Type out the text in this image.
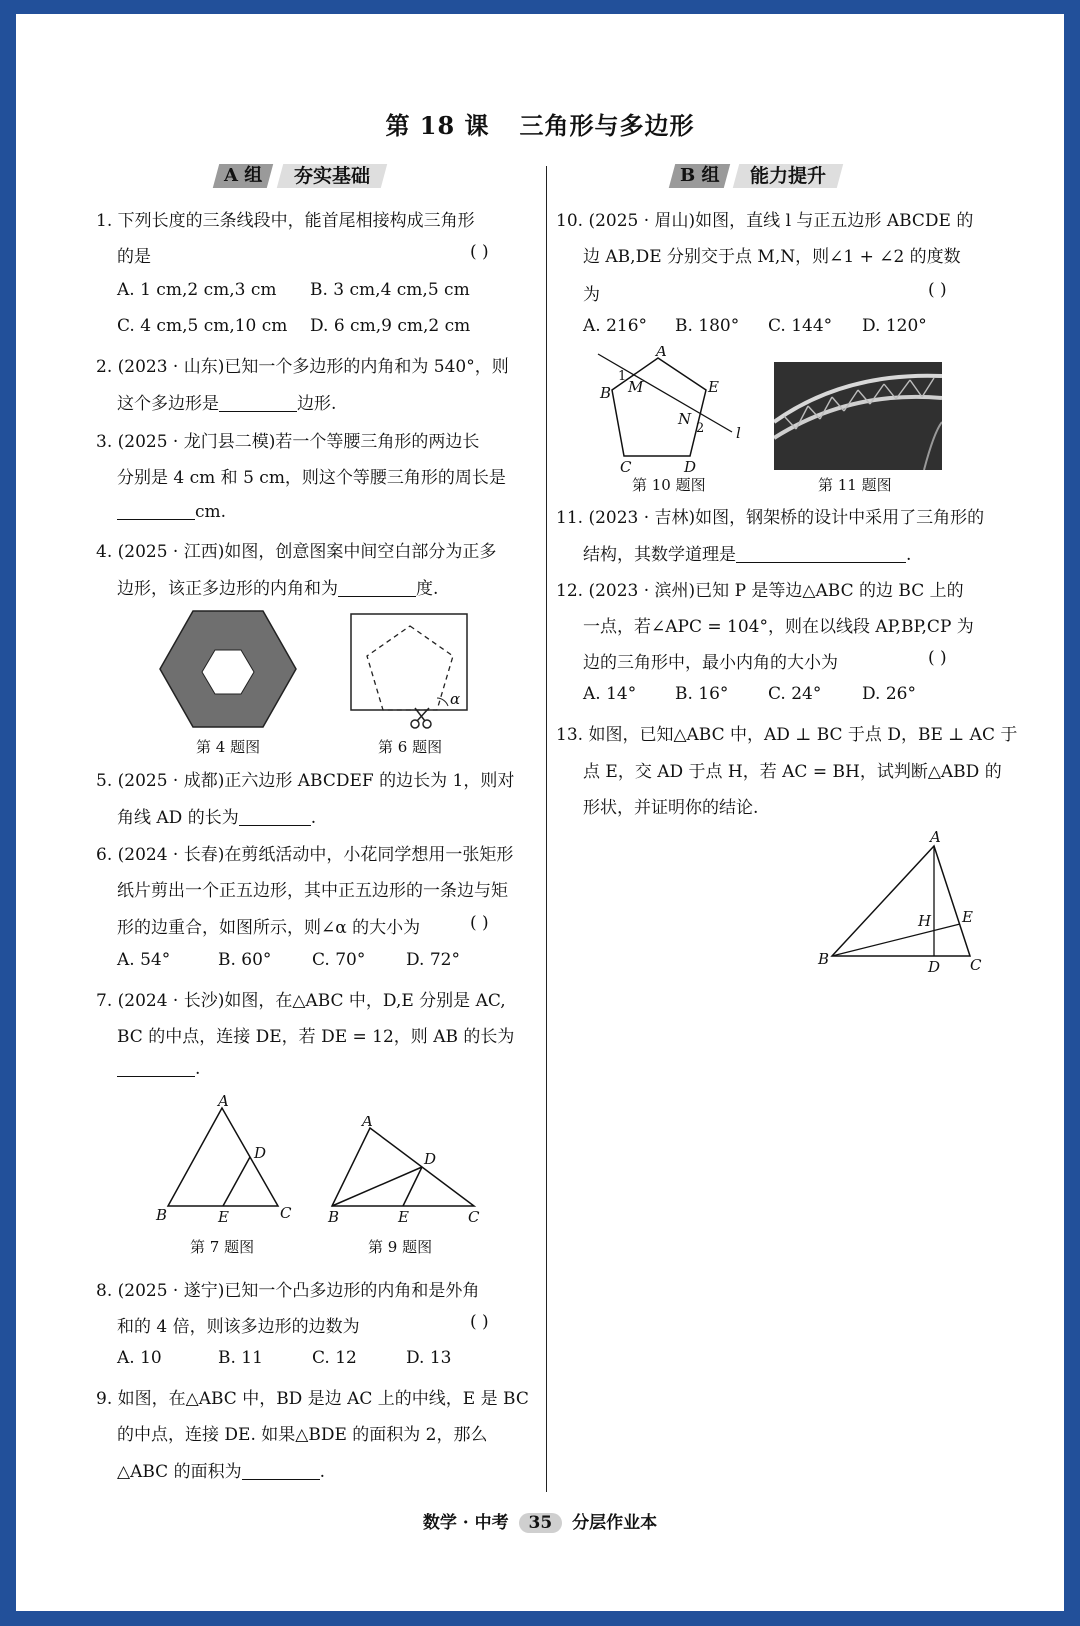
第 18 课 三角形与多边形
A 组	夯实基础	B 组	能力提升
1. 下列长度的三条线段中，能首尾相接构成三角形
的是	( )
A. 1 cm,2 cm,3 cm B. 3 cm,4 cm,5 cm
C. 4 cm,5 cm,10 cm D. 6 cm,9 cm,2 cm
2. (2023 · 山东)已知一个多边形的内角和为 540°，则
这个多边形是	边形.
3. (2025 · 龙门县二模)若一个等腰三角形的两边长
分别是 4 cm 和 5 cm，则这个等腰三角形的周长是
cm.
4. (2025 · 江西)如图，创意图案中间空白部分为正多
边形，该正多边形的内角和为	度.
第 4 题图
α
第 6 题图
5. (2025 · 成都)正六边形 ABCDEF 的边长为 1，则对
角线 AD 的长为	.
6. (2024 · 长春)在剪纸活动中，小花同学想用一张矩形
纸片剪出一个正五边形，其中正五边形的一条边与矩
形的边重合，如图所示，则∠α 的大小为	( )
A. 54°	B. 60° C. 70° D. 72°
7. (2024 · 长沙)如图，在△ABC 中，D,E 分别是 AC,
BC 的中点，连接 DE，若 DE = 12，则 AB 的长为
.
A
B	C
D
E
第 7 题图
A
B	C
D
E
第 9 题图
8. (2025 · 遂宁)已知一个凸多边形的内角和是外角
和的 4 倍，则该多边形的边数为	( )
A. 10	B. 11	C. 12	D. 13
9. 如图，在△ABC 中，BD 是边 AC 上的中线，E 是 BC
的中点，连接 DE. 如果△BDE 的面积为 2，那么
△ABC 的面积为	.
10. (2025 · 眉山)如图，直线 l 与正五边形 ABCDE 的
边 AB,DE 分别交于点 M,N，则∠1 + ∠2 的度数
为	( )
A. 216° B. 180° C. 144° D. 120°
A
B
C	D
E
M
N
l
1
2
第 10 题图	第 11 题图
11. (2023 · 吉林)如图，钢架桥的设计中采用了三角形的
结构，其数学道理是	.
12. (2023 · 滨州)已知 P 是等边△ABC 的边 BC 上的
一点，若∠APC = 104°，则在以线段 AP,BP,CP 为
边的三角形中，最小内角的大小为	( )
A. 14° B. 16° C. 24° D. 26°
13. 如图，已知△ABC 中，AD ⊥ BC 于点 D，BE ⊥ AC 于
点 E，交 AD 于点 H，若 AC = BH，试判断△ABD 的
形状，并证明你的结论.
A
B	C
D
E
H
数学 · 中考 35 分层作业本
